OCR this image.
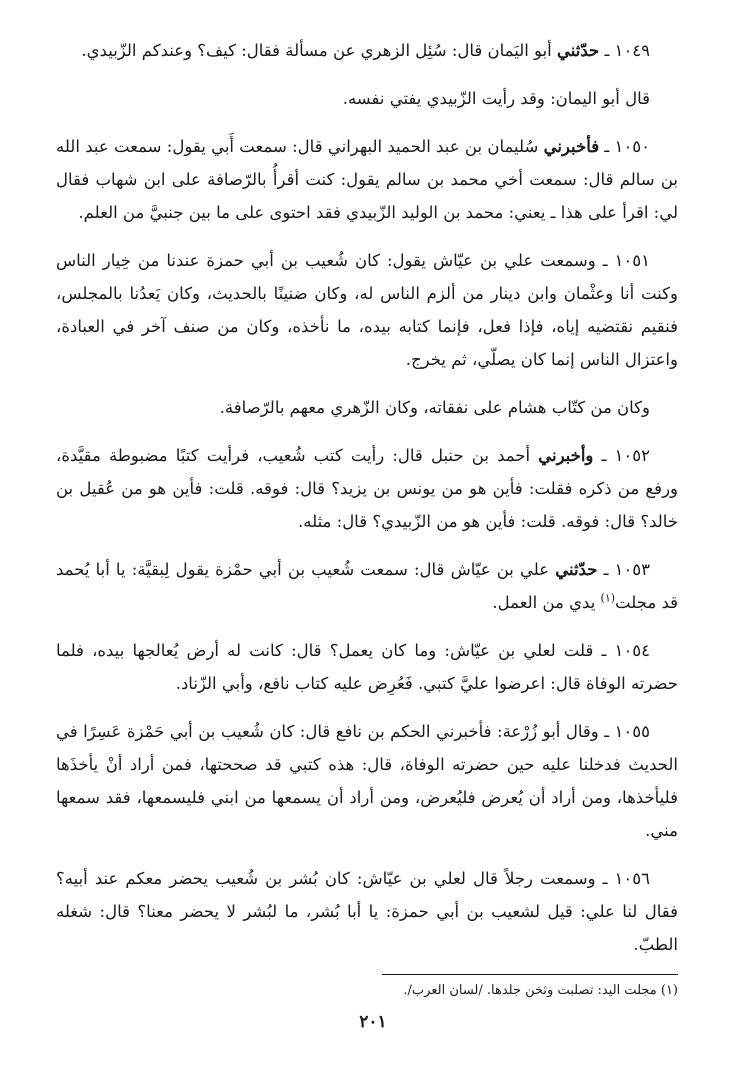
١٠٤٩ ـ حدّثني أبو اليَمان قال: سُئِل الزهري عن مسألة فقال: كيف؟ وعندكم الزّبيدي.

قال أبو اليمان: وقد رأيت الزّبيدي يفتي نفسه.

١٠٥٠ ـ فأخبرني سُليمان بن عبد الحميد البهراني قال: سمعت أَبي يقول: سمعت عبد الله بن سالم قال: سمعت أخي محمد بن سالم يقول: كنت أقرأُ بالرّصافة على ابن شهاب فقال لي: اقرأ على هذا ـ يعني: محمد بن الوليد الزّبيدي فقد احتوى على ما بين جنبيَّ من العلم.

١٠٥١ ـ وسمعت علي بن عيّاش يقول: كان شُعيب بن أبي حمزة عندنا من خِيار الناس وكنت أنا وعثْمان وابن دينار من ألزم الناس له، وكان ضنينًا بالحديث، وكان يَعدُنا بالمجلس، فنقيم نقتضيه إياه، فإذا فعل، فإنما كتابه بيده، ما نأخذه، وكان من صنف آخر في العبادة، واعتزال الناس إنما كان يصلّي، ثم يخرج.

وكان من كتّاب هشام على نفقاته، وكان الزّهري معهم بالرّصافة.

١٠٥٢ ـ وأخبرني أحمد بن حنبل قال: رأيت كتب شُعيب، فرأيت كتبًا مضبوطة مقيَّدة، ورفع من ذكره فقلت: فأين هو من يونس بن يزيد؟ قال: فوقه. قلت: فأين هو من عُقيل بن خالد؟ قال: فوقه. قلت: فأين هو من الزّبيدي؟ قال: مثله.

١٠٥٣ ـ حدّثني علي بن عيّاش قال: سمعت شُعيب بن أبي حمْزة يقول لِبقيَّة: يا أبا يُحمد قد مجلت$^{(١)}$ يدي من العمل.

١٠٥٤ ـ قلت لعلي بن عيّاش: وما كان يعمل؟ قال: كانت له أرض يُعالجها بيده، فلما حضرته الوفاة قال: اعرضوا عليَّ كتبي. فَعُرِض عليه كتاب نافع، وأبي الزّناد.

١٠٥٥ ـ وقال أبو زُرْعة: فأخبرني الحكم بن نافع قال: كان شُعيب بن أبي حَمْزة عَسِرًا في الحديث فدخلنا عليه حين حضرته الوفاة، قال: هذه كتبي قد صححتها، فمن أراد أنْ يأخذَها فليأخذها، ومن أراد أن يُعرض فليُعرض، ومن أراد أن يسمعها من ابني فليسمعها، فقد سمعها مني.

١٠٥٦ ـ وسمعت رجلاً قال لعلي بن عيّاش: كان بُشر بن شُعيب يحضر معكم عند أبيه؟ فقال لنا علي: قيل لشعيب بن أبي حمزة: يا أبا بُشر، ما لبُشر لا يحضر معنا؟ قال: شغله الطبّ.

(١) مجلت اليد: تصلبت وثخن جلدها. /لسان العرب/.
٢٠١
